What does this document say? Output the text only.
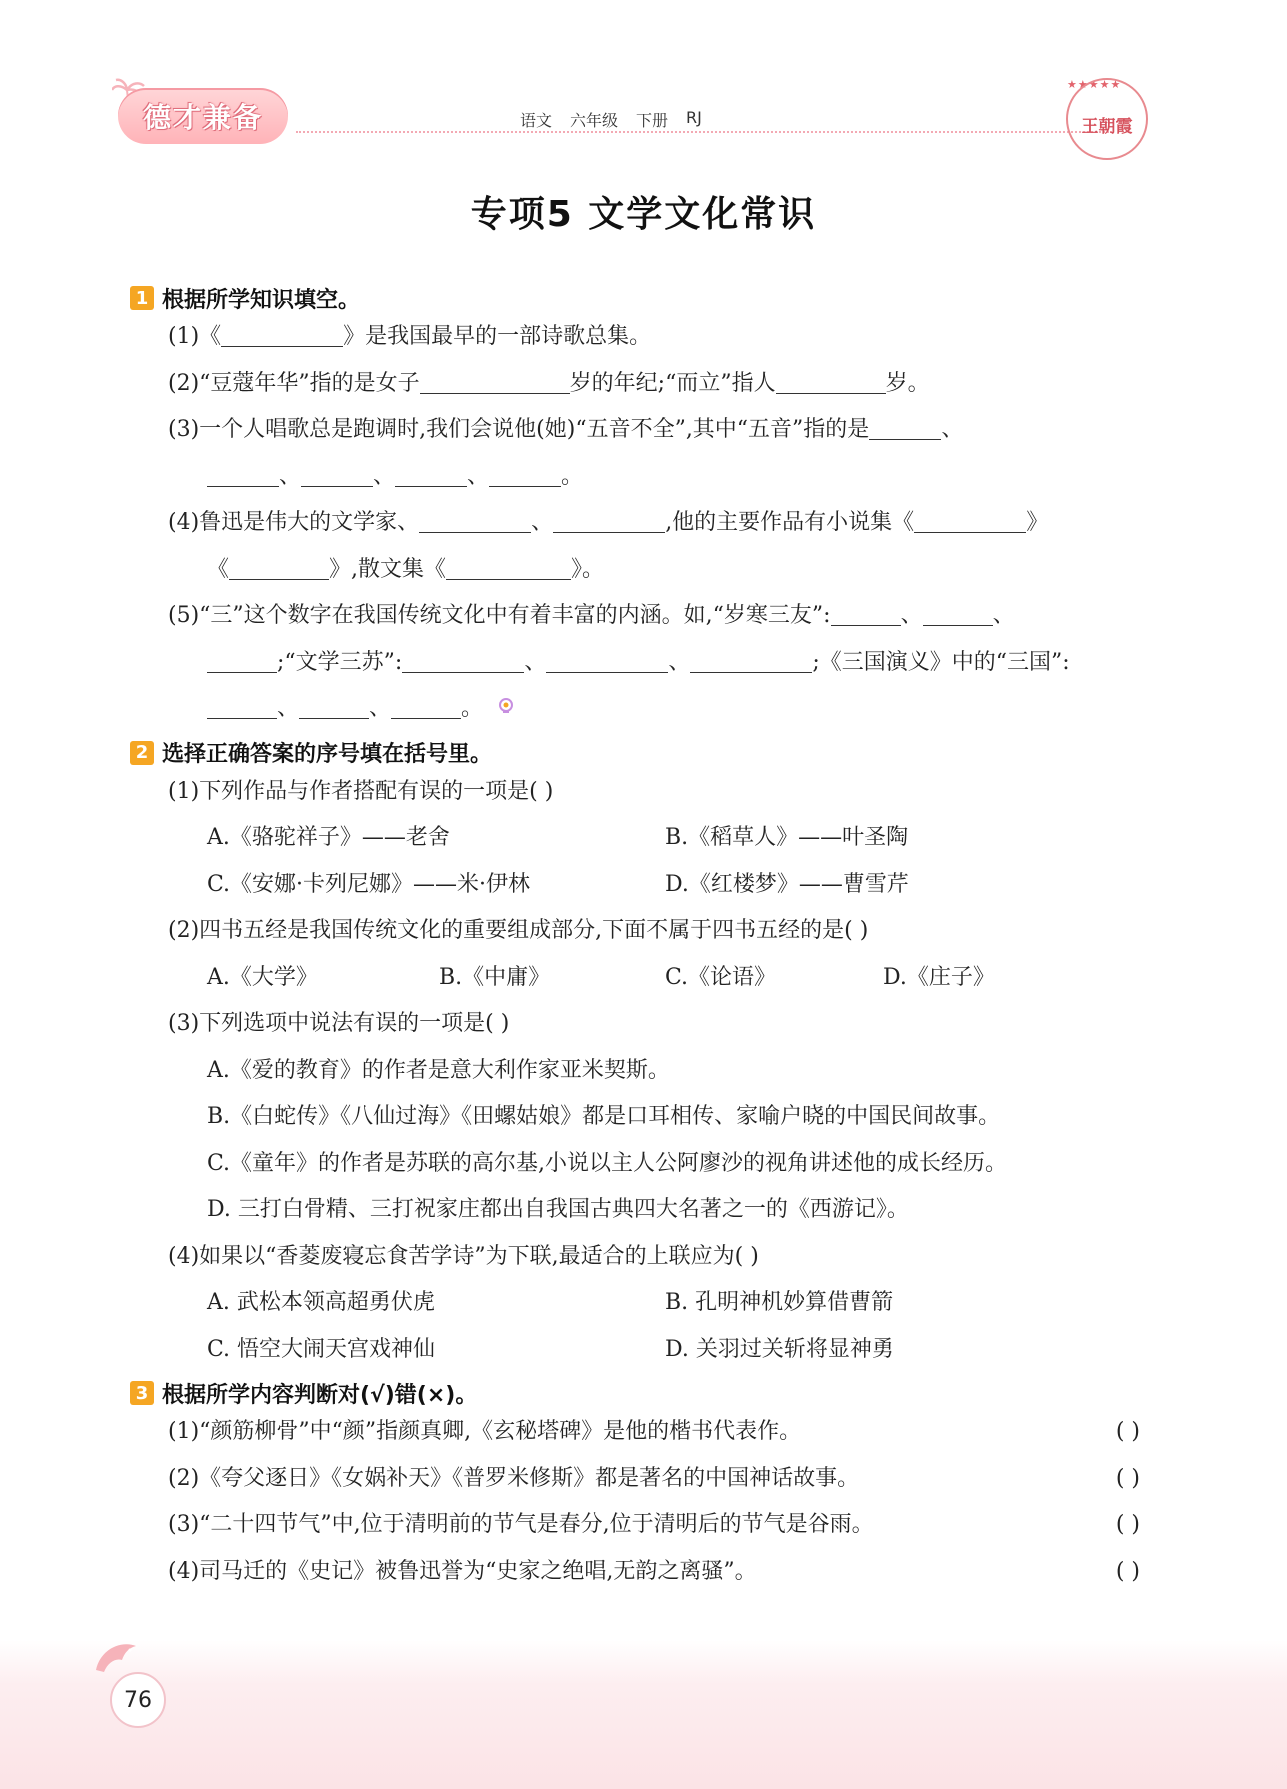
德才兼备	语文 六年级 下册 RJ
★★★★★
王朝霞
专项5 文学文化常识
1 根据所学知识填空。
(1)《	》是我国最早的一部诗歌总集。
(2)“豆蔻年华”指的是女子	岁的年纪;“而立”指人	岁。
(3)一个人唱歌总是跑调时,我们会说他(她)“五音不全”,其中“五音”指的是	、
、	、	、	。
(4)鲁迅是伟大的文学家、	、	,他的主要作品有小说集《	》
《	》,散文集《	》。
(5)“三”这个数字在我国传统文化中有着丰富的内涵。如,“岁寒三友”:	、	、
;“文学三苏”:	、	、	;《三国演义》中的“三国”:
、	、	。
2 选择正确答案的序号填在括号里。
(1)下列作品与作者搭配有误的一项是( )
A.《骆驼祥子》——老舍	B.《稻草人》——叶圣陶
C.《安娜·卡列尼娜》——米·伊林	D.《红楼梦》——曹雪芹
(2)四书五经是我国传统文化的重要组成部分,下面不属于四书五经的是( )
A.《大学》	B.《中庸》	C.《论语》	D.《庄子》
(3)下列选项中说法有误的一项是( )
A.《爱的教育》的作者是意大利作家亚米契斯。
B.《白蛇传》《八仙过海》《田螺姑娘》都是口耳相传、家喻户晓的中国民间故事。
C.《童年》的作者是苏联的高尔基,小说以主人公阿廖沙的视角讲述他的成长经历。
D. 三打白骨精、三打祝家庄都出自我国古典四大名著之一的《西游记》。
(4)如果以“香菱废寝忘食苦学诗”为下联,最适合的上联应为( )
A. 武松本领高超勇伏虎	B. 孔明神机妙算借曹箭
C. 悟空大闹天宫戏神仙	D. 关羽过关斩将显神勇
3 根据所学内容判断对(√)错(×)。
(1)“颜筋柳骨”中“颜”指颜真卿,《玄秘塔碑》是他的楷书代表作。	( )
(2)《夸父逐日》《女娲补天》《普罗米修斯》都是著名的中国神话故事。	( )
(3)“二十四节气”中,位于清明前的节气是春分,位于清明后的节气是谷雨。	( )
(4)司马迁的《史记》被鲁迅誉为“史家之绝唱,无韵之离骚”。	( )
76
